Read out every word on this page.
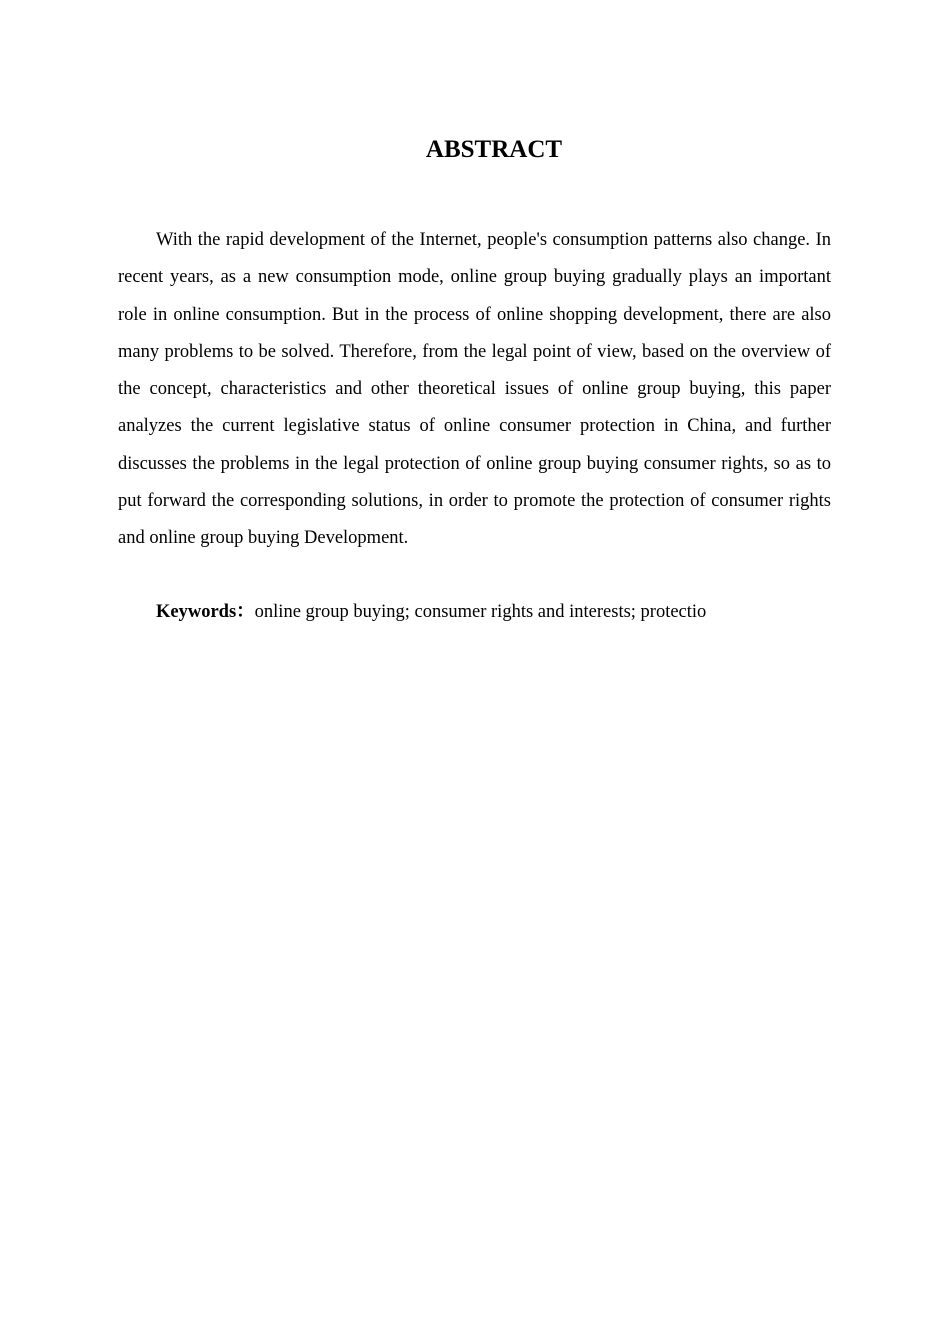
ABSTRACT

With the rapid development of the Internet, people's consumption patterns also change. In recent years, as a new consumption mode, online group buying gradually plays an important role in online consumption. But in the process of online shopping development, there are also many problems to be solved. Therefore, from the legal point of view, based on the overview of the concept, characteristics and other theoretical issues of online group buying, this paper analyzes the current legislative status of online consumer protection in China, and further discusses the problems in the legal protection of online group buying consumer rights, so as to put forward the corresponding solutions, in order to promote the protection of consumer rights and online group buying Development.

Keywords：online group buying; consumer rights and interests; protectio
